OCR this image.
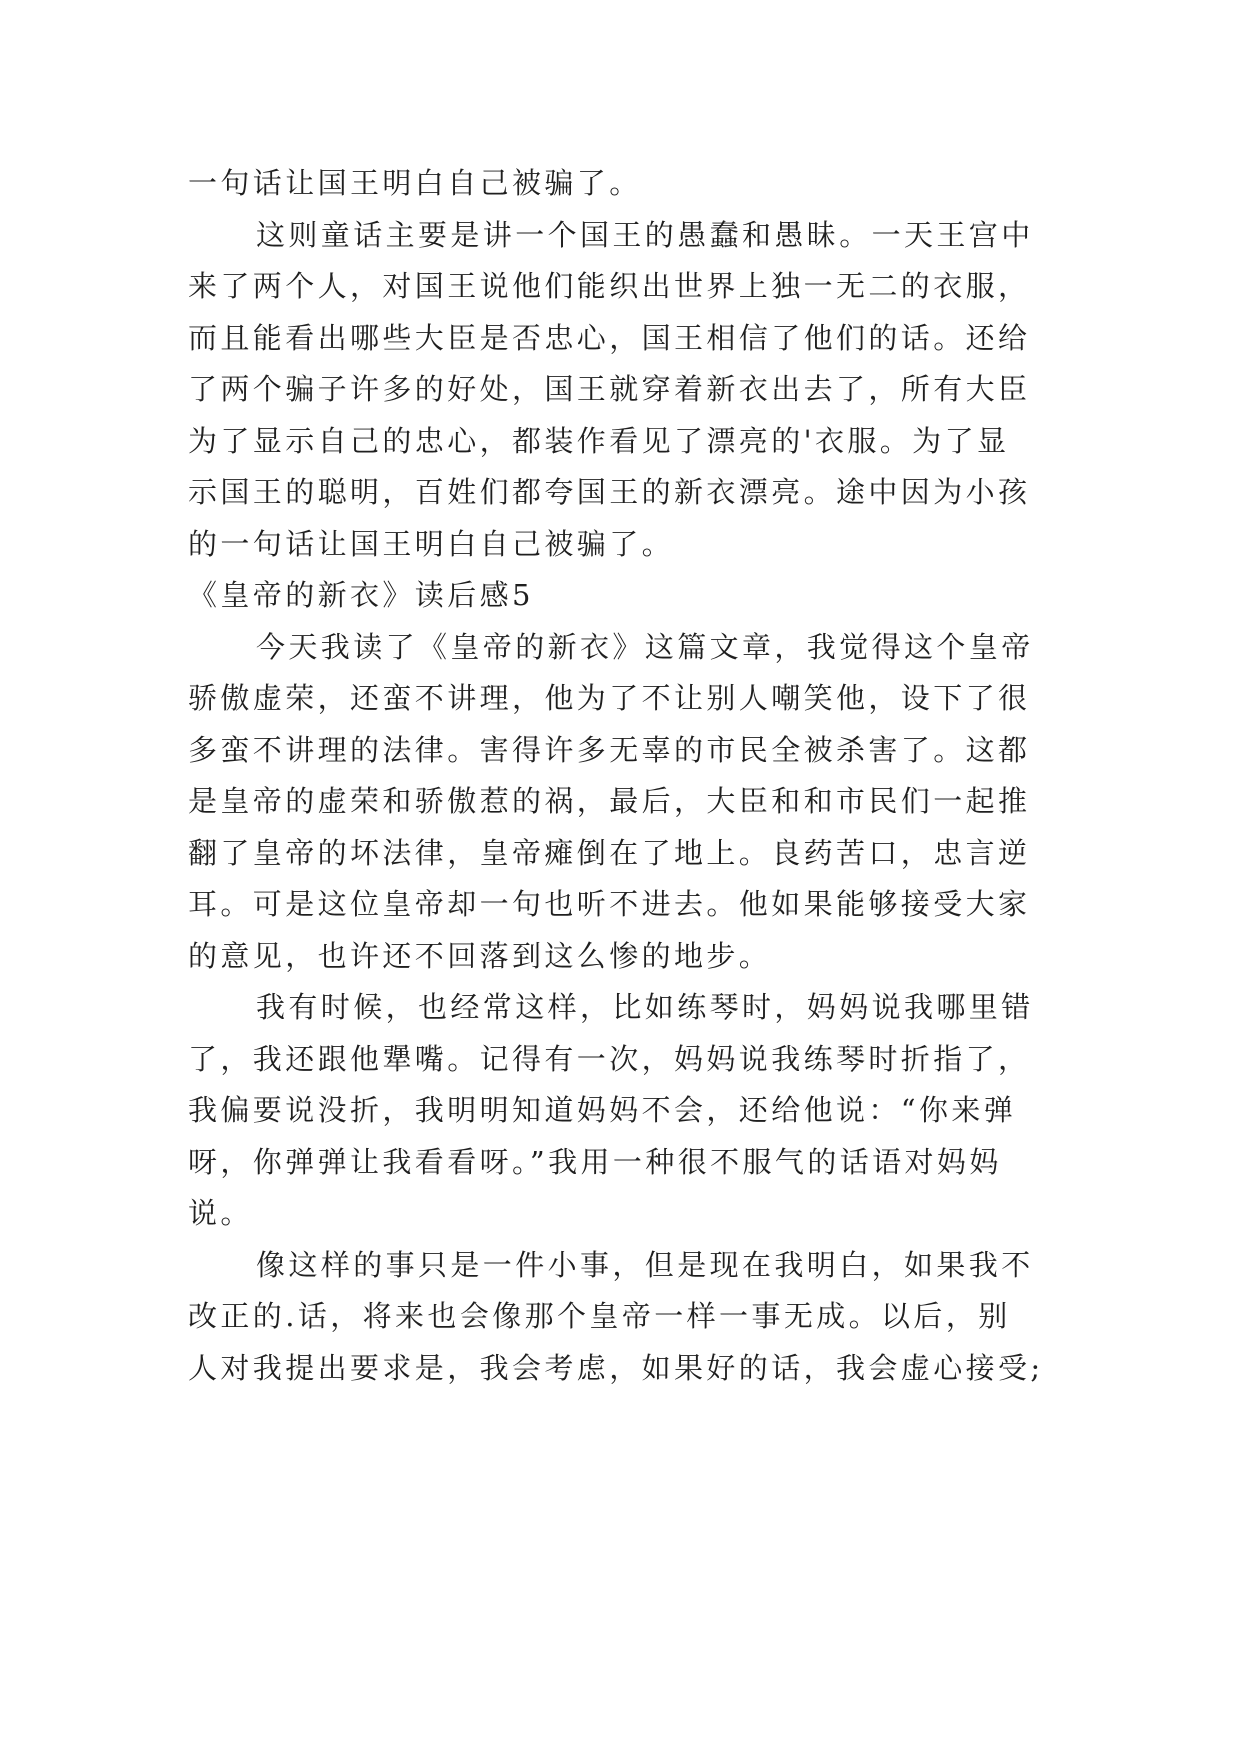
一句话让国王明白自己被骗了。
这则童话主要是讲一个国王的愚蠢和愚昧。一天王宫中
来了两个人，对国王说他们能织出世界上独一无二的衣服，
而且能看出哪些大臣是否忠心，国王相信了他们的话。还给
了两个骗子许多的好处，国王就穿着新衣出去了，所有大臣
为了显示自己的忠心，都装作看见了漂亮的'衣服。为了显
示国王的聪明，百姓们都夸国王的新衣漂亮。途中因为小孩
的一句话让国王明白自己被骗了。
《皇帝的新衣》读后感5
今天我读了《皇帝的新衣》这篇文章，我觉得这个皇帝
骄傲虚荣，还蛮不讲理，他为了不让别人嘲笑他，设下了很
多蛮不讲理的法律。害得许多无辜的市民全被杀害了。这都
是皇帝的虚荣和骄傲惹的祸，最后，大臣和和市民们一起推
翻了皇帝的坏法律，皇帝瘫倒在了地上。良药苦口，忠言逆
耳。可是这位皇帝却一句也听不进去。他如果能够接受大家
的意见，也许还不回落到这么惨的地步。
我有时候，也经常这样，比如练琴时，妈妈说我哪里错
了，我还跟他犟嘴。记得有一次，妈妈说我练琴时折指了，
我偏要说没折，我明明知道妈妈不会，还给他说：“你来弹
呀，你弹弹让我看看呀。”我用一种很不服气的话语对妈妈
说。
像这样的事只是一件小事，但是现在我明白，如果我不
改正的.话，将来也会像那个皇帝一样一事无成。以后，别
人对我提出要求是，我会考虑，如果好的话，我会虚心接受;
